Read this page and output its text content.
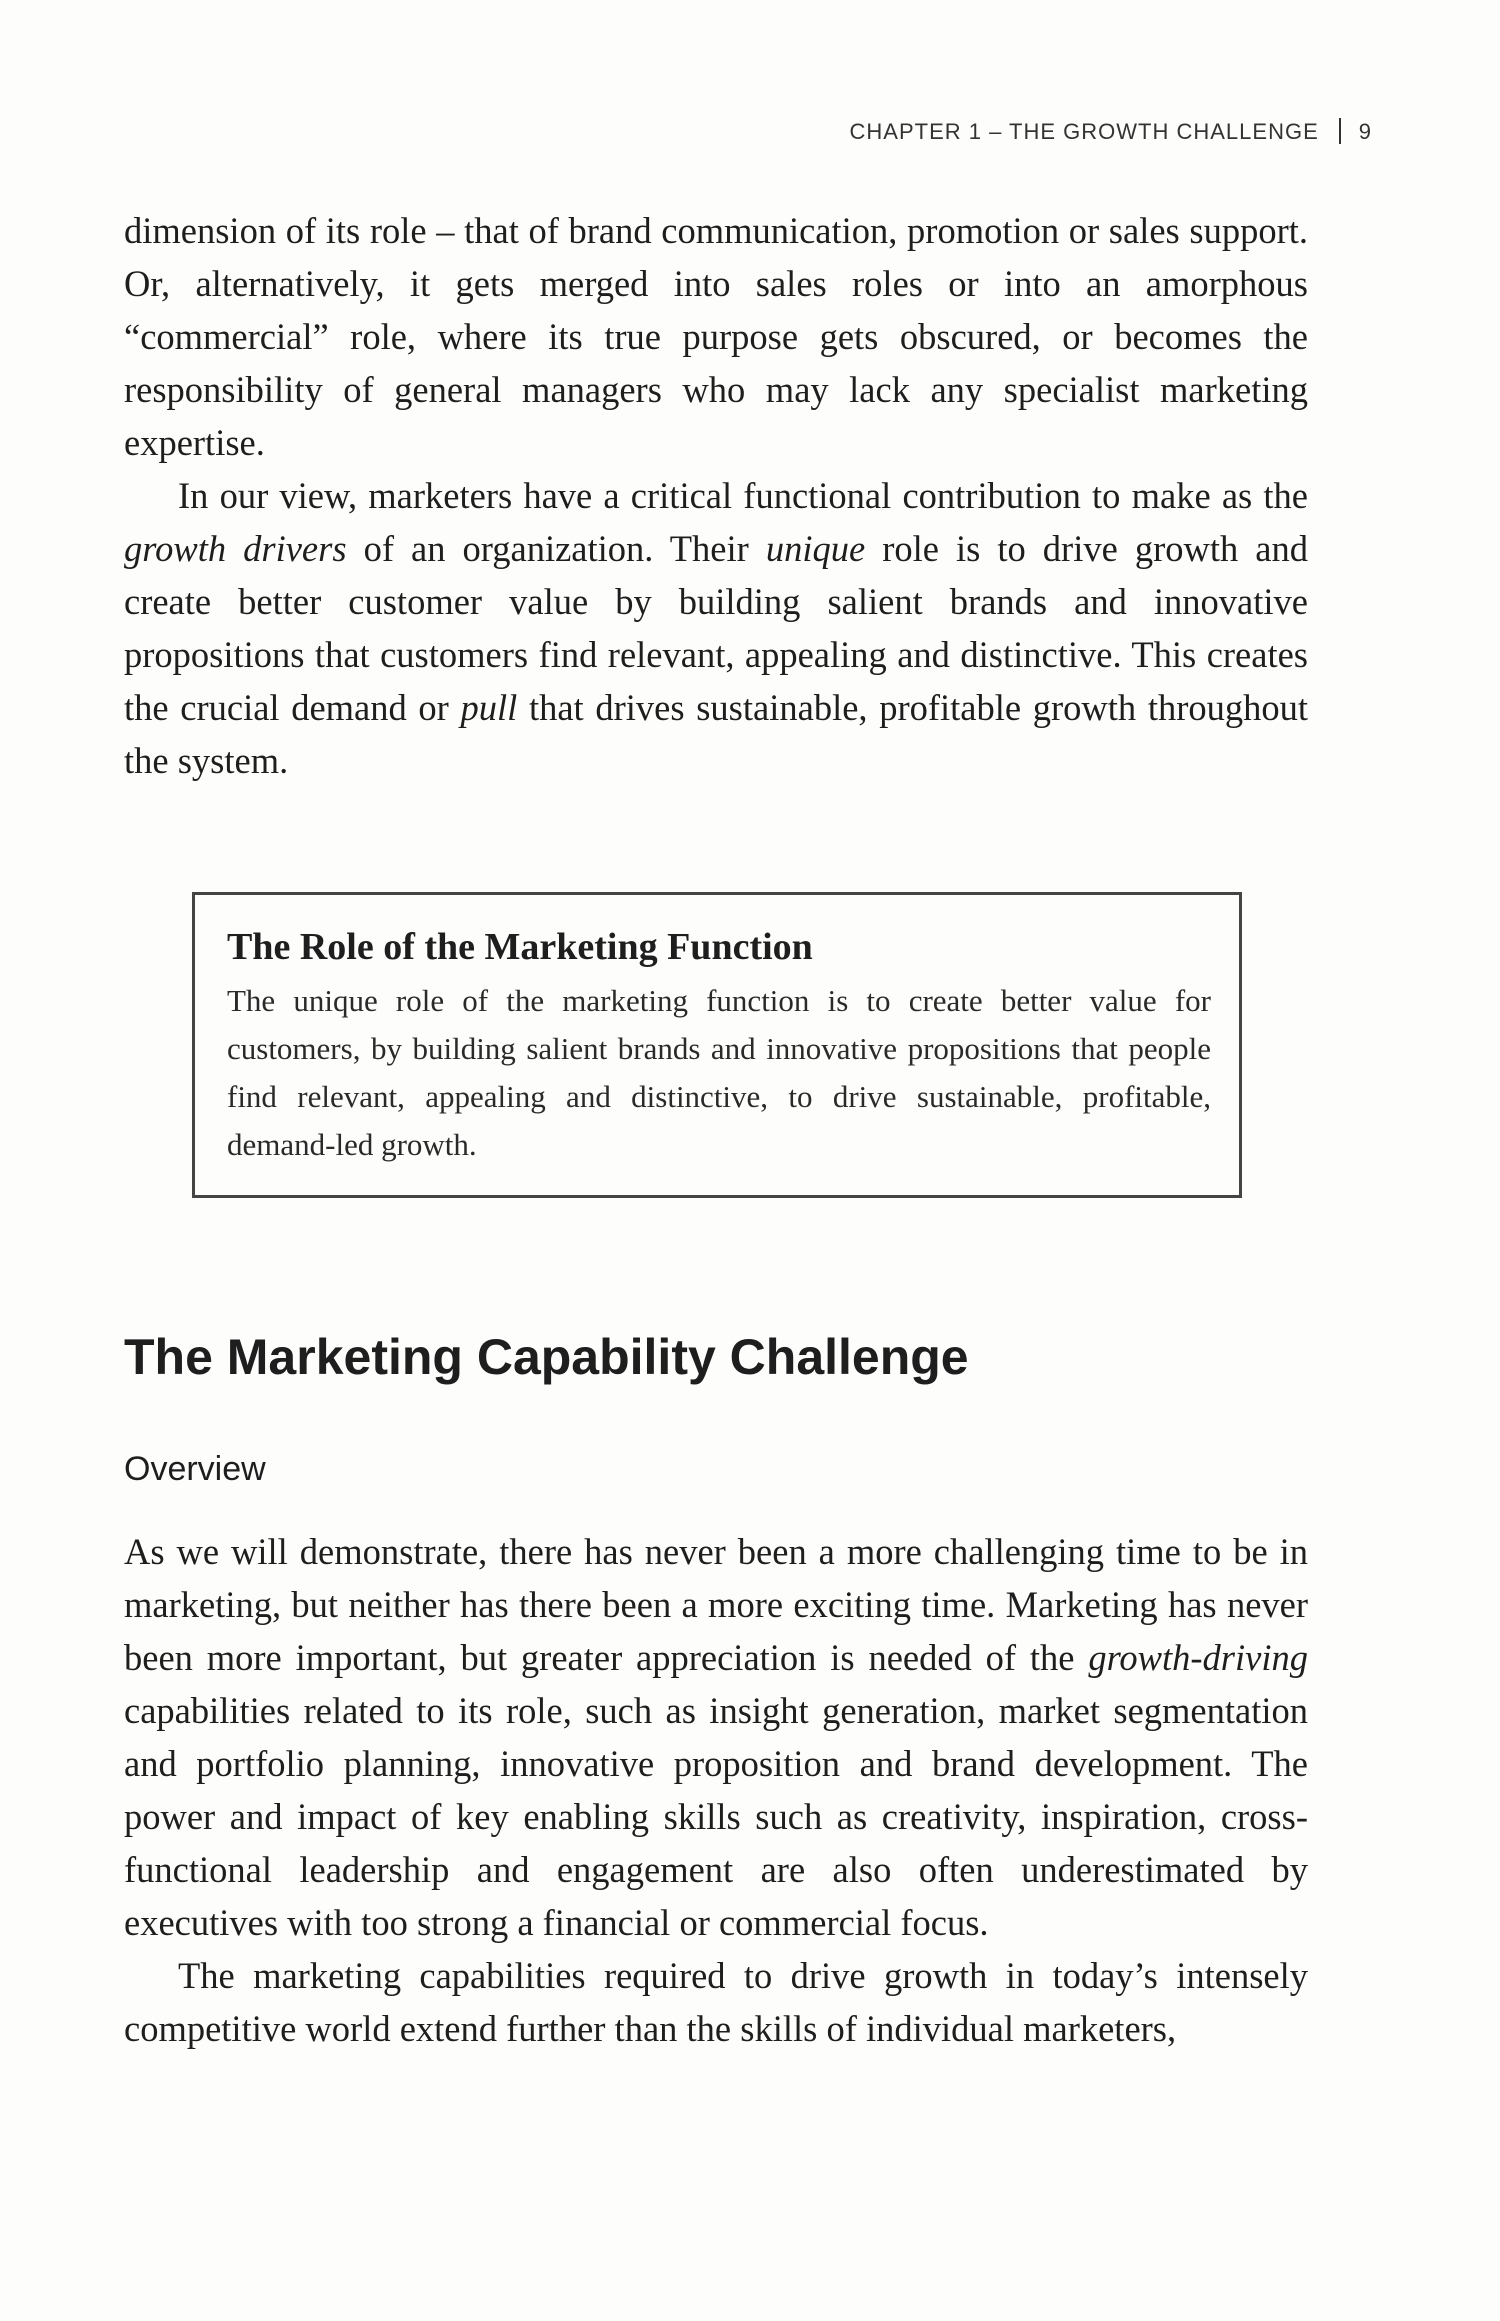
CHAPTER 1 – THE GROWTH CHALLENGE 9

dimension of its role – that of brand communication, promotion or sales support. Or, alternatively, it gets merged into sales roles or into an amorphous “commercial” role, where its true purpose gets obscured, or becomes the responsibility of general managers who may lack any specialist marketing expertise.

In our view, marketers have a critical functional contribution to make as the growth drivers of an organization. Their unique role is to drive growth and create better customer value by building salient brands and innovative propositions that customers find relevant, appealing and distinctive. This creates the crucial demand or pull that drives sustainable, profitable growth throughout the system.

The Role of the Marketing Function
The unique role of the marketing function is to create better value for customers, by building salient brands and innovative propositions that people find relevant, appealing and distinctive, to drive sustainable, profitable, demand-led growth.
The Marketing Capability Challenge
Overview

As we will demonstrate, there has never been a more challenging time to be in marketing, but neither has there been a more exciting time. Marketing has never been more important, but greater appreciation is needed of the growth-driving capabilities related to its role, such as insight generation, market segmentation and portfolio planning, innovative proposition and brand development. The power and impact of key enabling skills such as creativity, inspiration, cross-functional leadership and engagement are also often underestimated by executives with too strong a financial or commercial focus.

The marketing capabilities required to drive growth in today’s intensely competitive world extend further than the skills of individual marketers,
